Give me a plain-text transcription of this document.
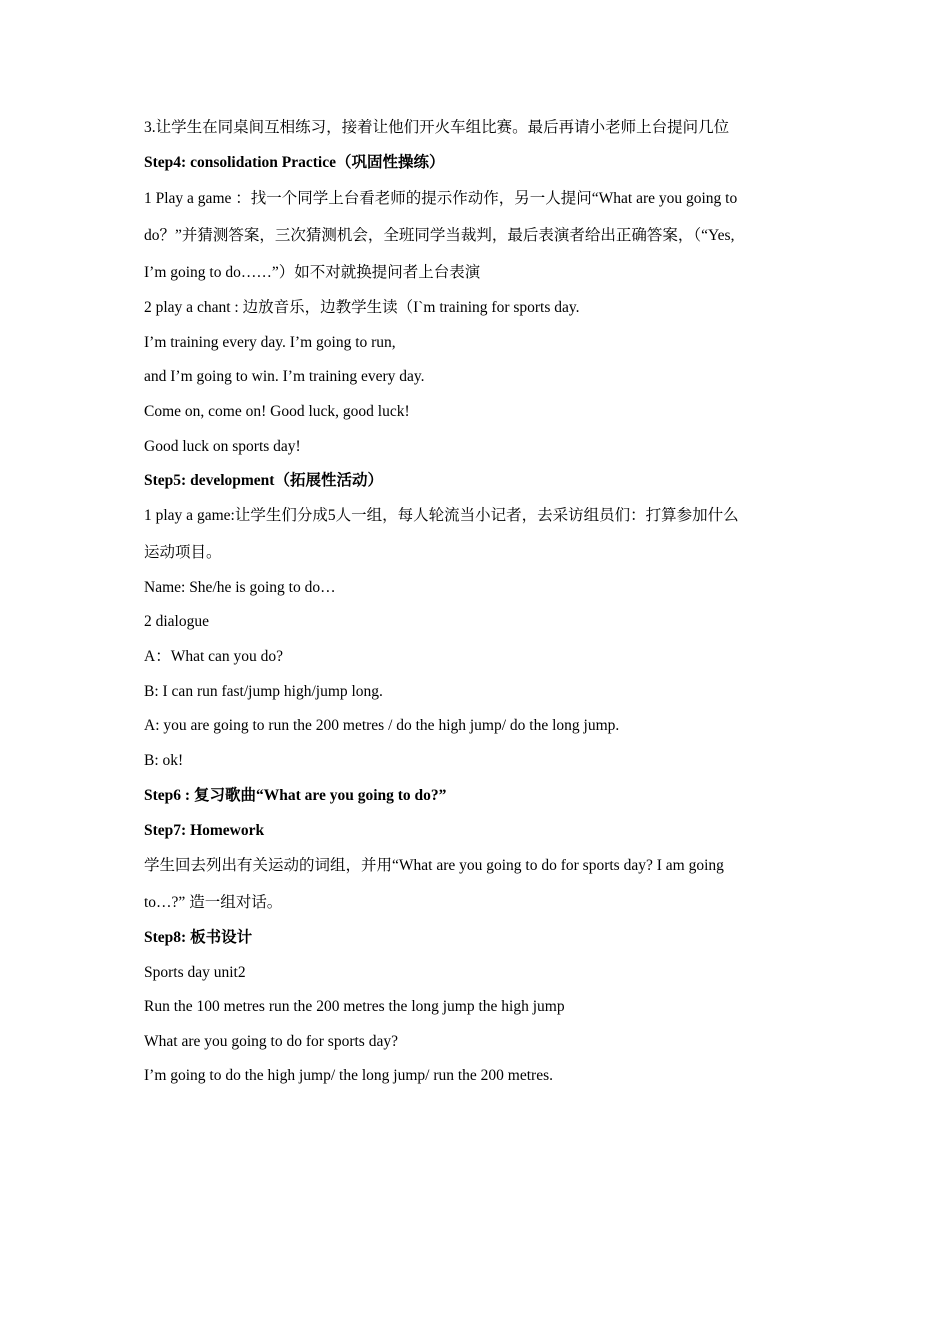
3.让学生在同桌间互相练习，接着让他们开火车组比赛。最后再请小老师上台提问几位
Step4: consolidation Practice（巩固性操练）
1 Play a game ：找一个同学上台看老师的提示作动作，另一人提问“What are you going to
do？”并猜测答案，三次猜测机会，全班同学当裁判，最后表演者给出正确答案，（“Yes,
I’m going to do……”）如不对就换提问者上台表演
2 play a chant : 边放音乐，边教学生读（I`m training for sports day.
I’m training every day. I’m going to run,
and I’m going to win. I’m training every day.
Come on, come on! Good luck, good luck!
Good luck on sports day!
Step5: development（拓展性活动）
1 play a game:让学生们分成5人一组，每人轮流当小记者，去采访组员们：打算参加什么
运动项目。
Name: She/he is going to do…
2 dialogue
A：What can you do?
B: I can run fast/jump high/jump long.
A: you are going to run the 200 metres / do the high jump/ do the long jump.
B: ok!
Step6 : 复习歌曲“What are you going to do?”
Step7: Homework
学生回去列出有关运动的词组，并用“What are you going to do for sports day? I am going
to…?” 造一组对话。
Step8: 板书设计
Sports day unit2
Run the 100 metres run the 200 metres the long jump the high jump
What are you going to do for sports day?
I’m going to do the high jump/ the long jump/ run the 200 metres.
